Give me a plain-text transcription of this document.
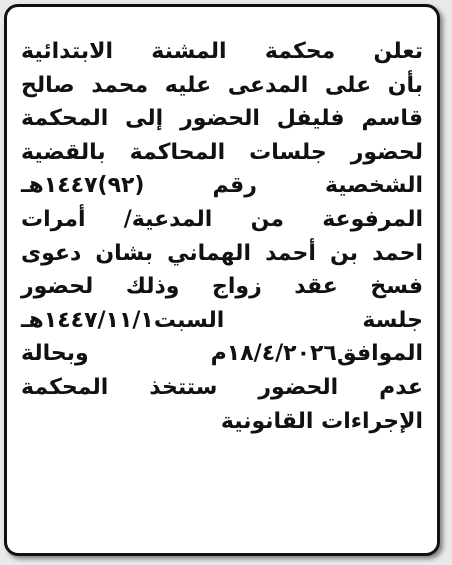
تعلن محكمة المشنة الابتدائية
بأن على المدعى عليه محمد صالح
قاسم فليفل الحضور إلى المحكمة
لحضور جلسات المحاكمة بالقضية
الشخصية رقم (٩٢)١٤٤٧هـ
المرفوعة من المدعية/ أمرات
احمد بن أحمد الهماني بشان دعوى
فسخ عقد زواج وذلك لحضور
جلسة السبت١٤٤٧/١١/١هـ
الموافق١٨/٤/٢٠٢٦م وبحالة
عدم الحضور ستتخذ المحكمة
الإجراءات القانونية
